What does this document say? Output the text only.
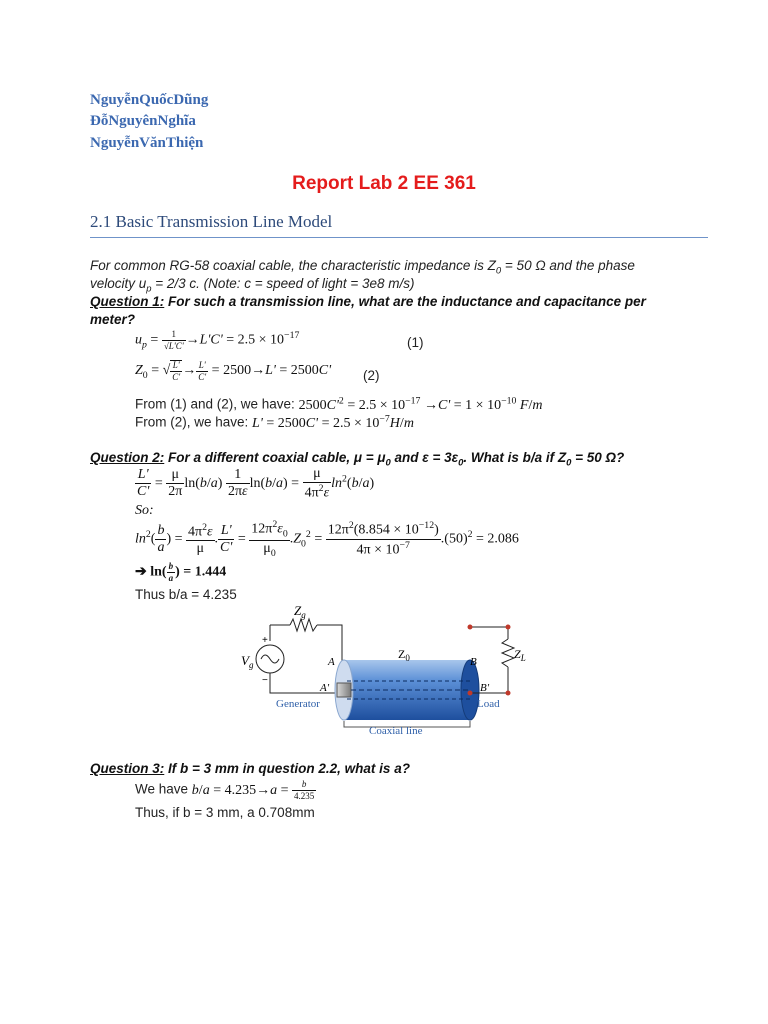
NguyễnQuốcDũng
ĐỗNguyênNghĩa
NguyễnVănThiện
Report Lab 2 EE 361
2.1 Basic Transmission Line Model
For common RG-58 coaxial cable, the characteristic impedance is $Z_0 = 50$ Ω and the phase
velocity $u_p = 2/3$ c. (Note: c = speed of light = 3e8 m/s)
Question 1: For such a transmission line, what are the inductance and capacitance per
meter?
$u_p = \frac{1}{√L'C'} \to L'C' = 2.5 \times 10^{-17}$	(1)
$Z_0$ = √ $\frac{L'}{C'} \to \frac{L'}{C'} = 2500\to L' = 2500C'$ (2)
From (1) and (2), we have: $2500C'^2 = 2.5 \times 10^{-17} \to C' = 1 \times 10^{-10}$ F/m
From (2), we have: $L' = 2500C' = 2.5 \times 10^{-7}H/m$
Question 2: For a different coaxial cable, $\mu = \mu_0$ and $\varepsilon = 3\varepsilon_0$. What is b/a if $Z_0 = 50$ Ω?
$\frac{L'}{C'} = \frac{\mu}{2\pi} \ln(b/a) \frac{1}{2\pi\varepsilon} \ln(b/a) = \frac{\mu}{4\pi^2\varepsilon} \ln^2(b/a)$
So:
$\ln^2( \frac{b}{a}$ ) = $\frac{4\pi^2\varepsilon}{\mu}$ . $\frac{L'}{C'} = \frac{12\pi^2\varepsilon_0}{\mu_0} .Z_0^2 = \frac{12\pi^2(8.854 \times 10^{-12})}{4\pi \times 10^{-7}} .(50)^2 = 2.086$
➔ $\ln( \frac{b}{a}$ ) = 1.444
Thus b/a = 4.235
$Z_g$
$V_g$
+
−
A
A'
$Z_0$	B
B'
$Z_L$
Generator	Load
Coaxial line
Question 3: If b = 3 mm in question 2.2, what is a?
We have $b/a = 4.235\to a = \frac{b}{4.235}$
Thus, if b = 3 mm, a 0.708mm
